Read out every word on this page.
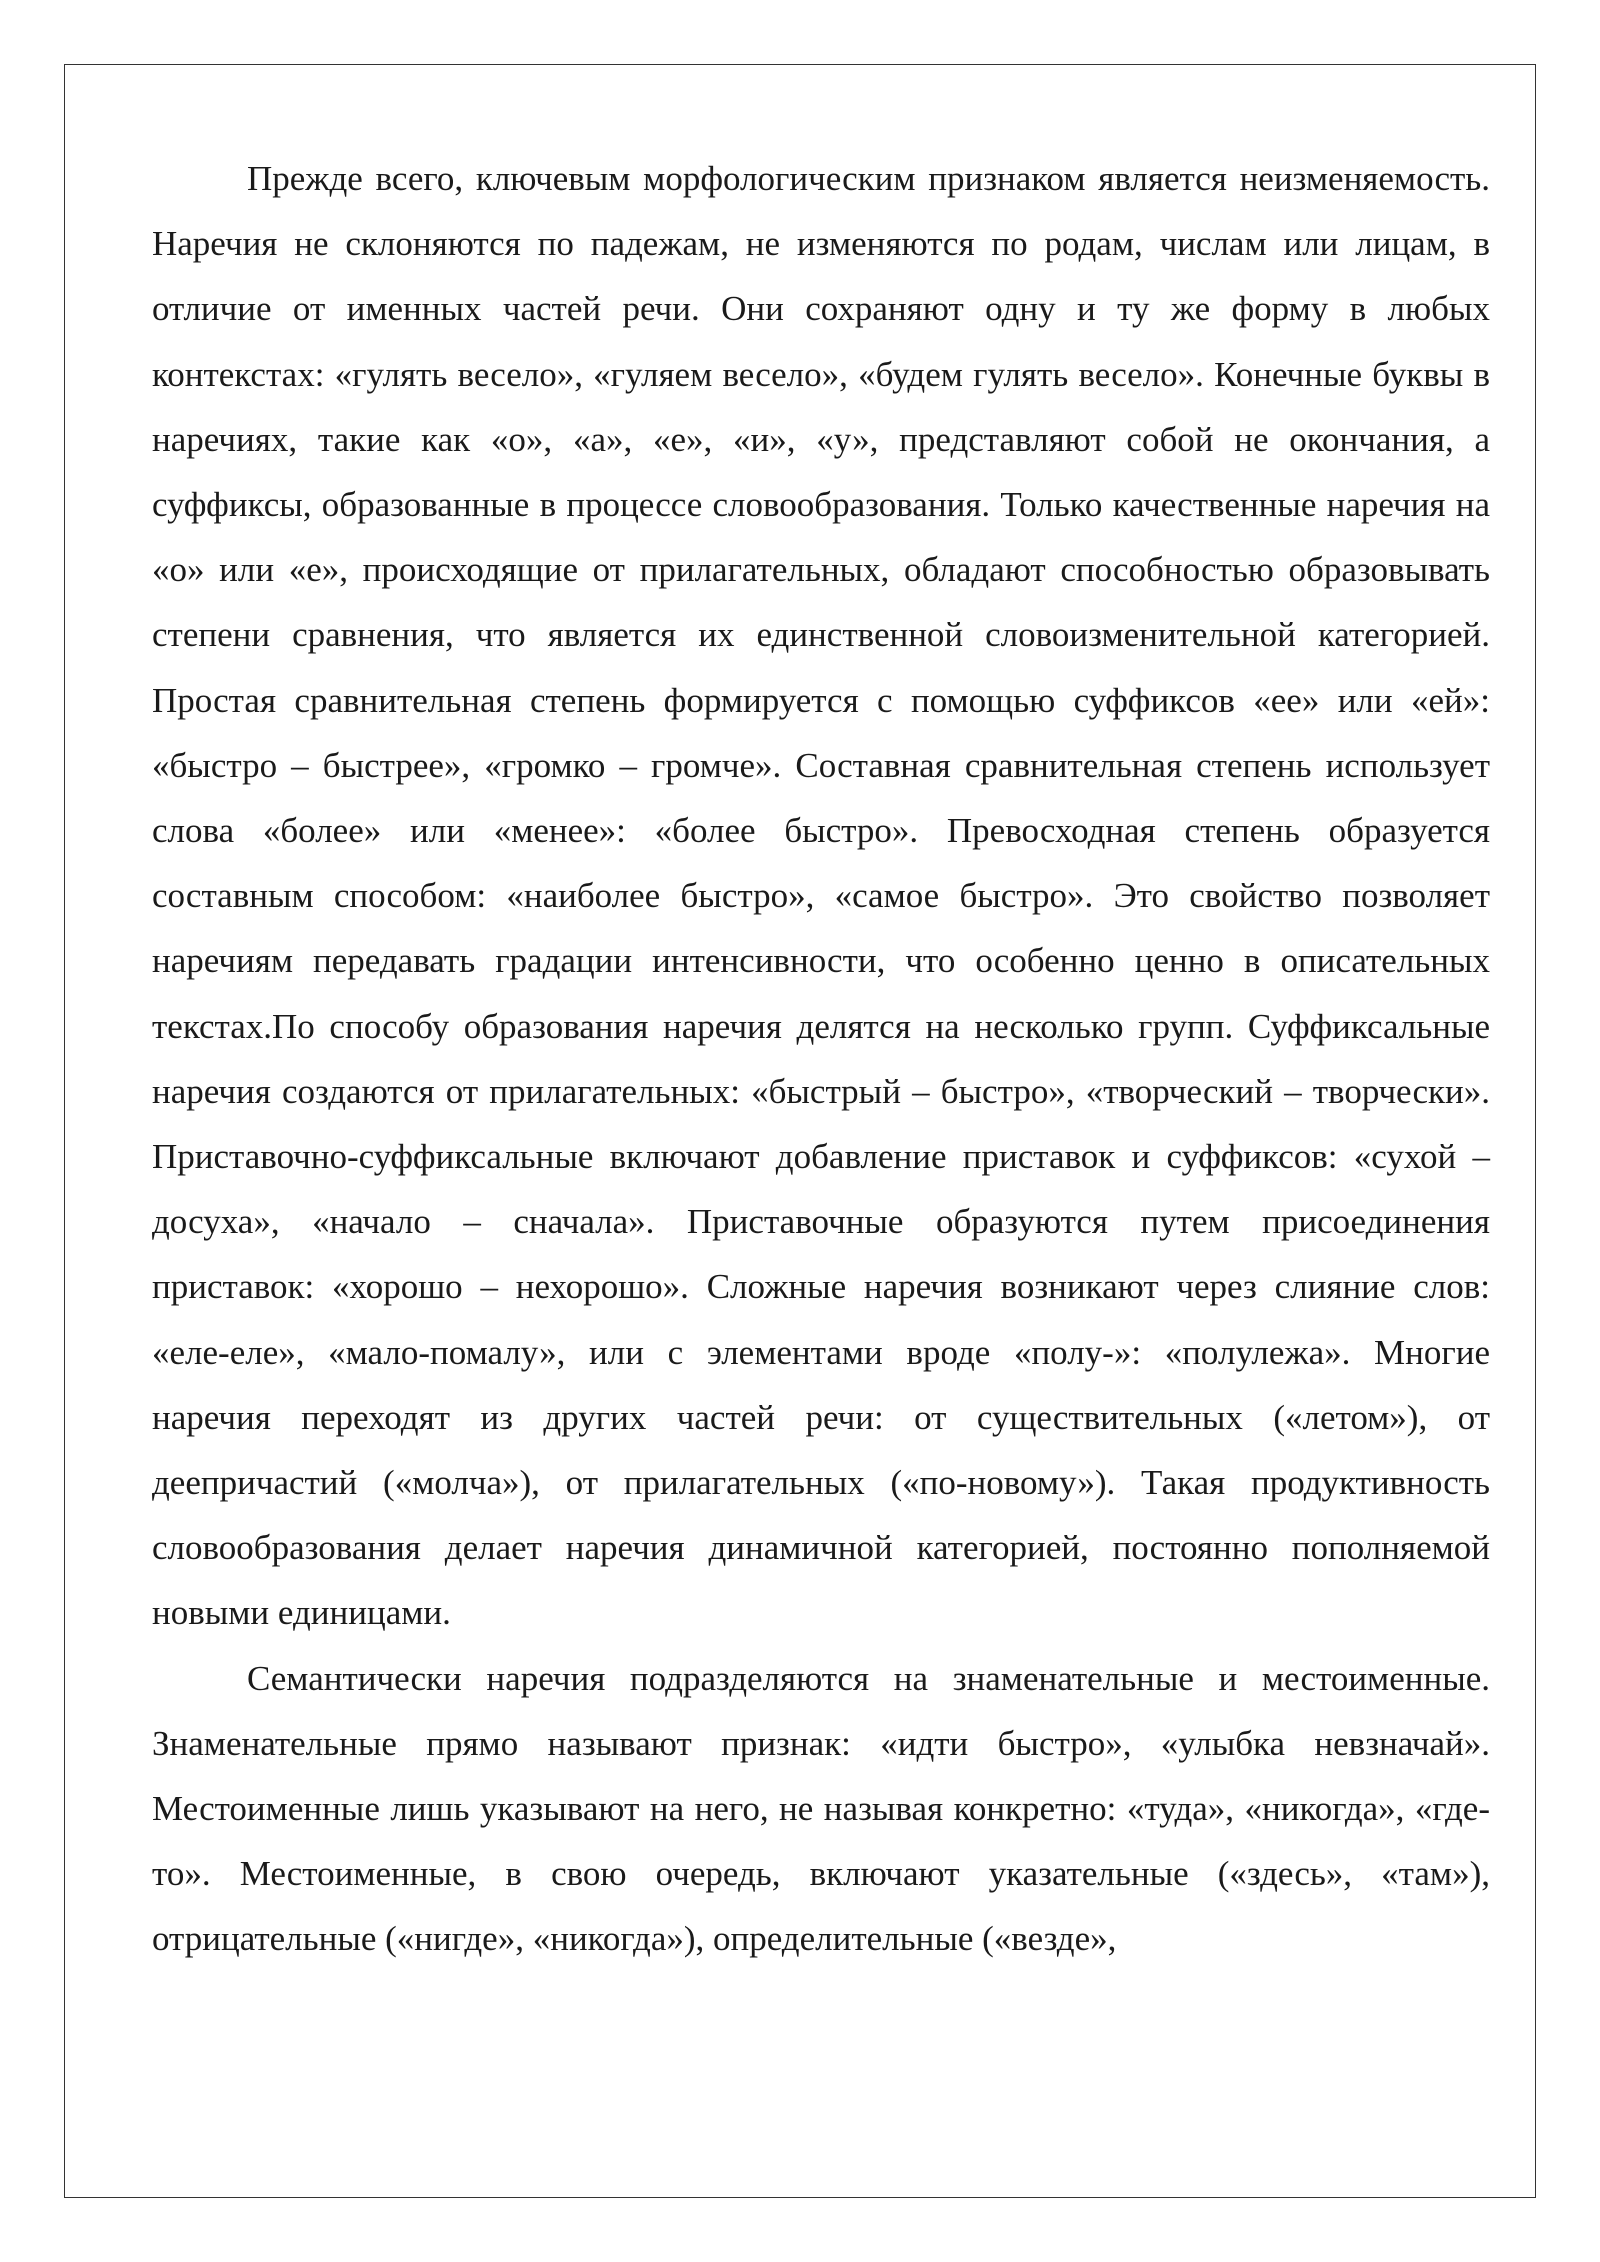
Прежде всего, ключевым морфологическим признаком является неизменяемость. Наречия не склоняются по падежам, не изменяются по родам, числам или лицам, в отличие от именных частей речи. Они сохраняют одну и ту же форму в любых контекстах: «гулять весело», «гуляем весело», «будем гулять весело». Конечные буквы в наречиях, такие как «о», «а», «е», «и», «у», представляют собой не окончания, а суффиксы, образованные в процессе словообразования. Только качественные наречия на «о» или «е», происходящие от прилагательных, обладают способностью образовывать степени сравнения, что является их единственной словоизменительной категорией. Простая сравнительная степень формируется с помощью суффиксов «ее» или «ей»: «быстро – быстрее», «громко – громче». Составная сравнительная степень использует слова «более» или «менее»: «более быстро». Превосходная степень образуется составным способом: «наиболее быстро», «самое быстро». Это свойство позволяет наречиям передавать градации интенсивности, что особенно ценно в описательных текстах.По способу образования наречия делятся на несколько групп. Суффиксальные наречия создаются от прилагательных: «быстрый – быстро», «творческий – творчески». Приставочно-суффиксальные включают добавление приставок и суффиксов: «сухой – досуха», «начало – сначала». Приставочные образуются путем присоединения приставок: «хорошо – нехорошо». Сложные наречия возникают через слияние слов: «еле-еле», «мало-помалу», или с элементами вроде «полу-»: «полулежа». Многие наречия переходят из других частей речи: от существительных («летом»), от деепричастий («молча»), от прилагательных («по-новому»). Такая продуктивность словообразования делает наречия динамичной категорией, постоянно пополняемой новыми единицами.

Семантически наречия подразделяются на знаменательные и местоименные. Знаменательные прямо называют признак: «идти быстро», «улыбка невзначай». Местоименные лишь указывают на него, не называя конкретно: «туда», «никогда», «где-то». Местоименные, в свою очередь, включают указательные («здесь», «там»), отрицательные («нигде», «никогда»), определительные («везде»,
